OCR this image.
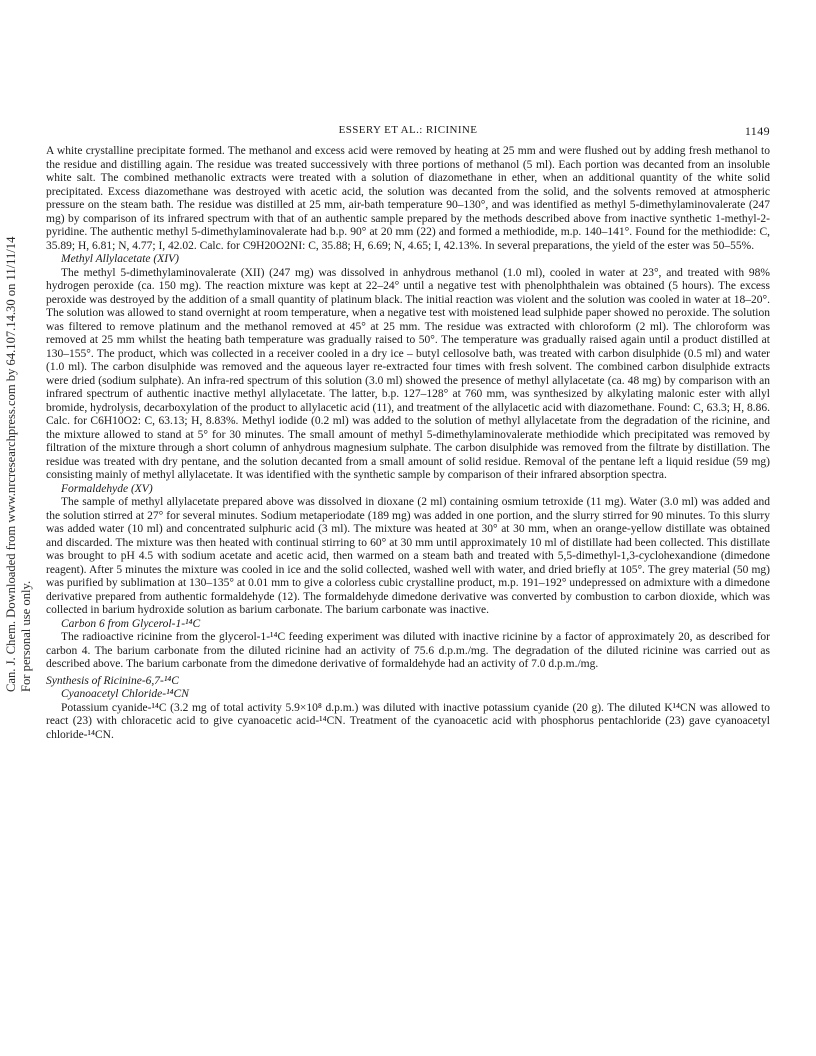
Can. J. Chem. Downloaded from www.nrcresearchpress.com by 64.107.14.30 on 11/11/14 For personal use only.
ESSERY ET AL.: RICININE	1149

A white crystalline precipitate formed. The methanol and excess acid were removed by heating at 25 mm and were flushed out by adding fresh methanol to the residue and distilling again. The residue was treated successively with three portions of methanol (5 ml). Each portion was decanted from an insoluble white salt. The combined methanolic extracts were treated with a solution of diazomethane in ether, when an additional quantity of the white solid precipitated. Excess diazomethane was destroyed with acetic acid, the solution was decanted from the solid, and the solvents removed at atmospheric pressure on the steam bath. The residue was distilled at 25 mm, air-bath temperature 90–130°, and was identified as methyl 5-dimethylaminovalerate (247 mg) by comparison of its infrared spectrum with that of an authentic sample prepared by the methods described above from inactive synthetic 1-methyl-2-pyridine. The authentic methyl 5-dimethylaminovalerate had b.p. 90° at 20 mm (22) and formed a methiodide, m.p. 140–141°. Found for the methiodide: C, 35.89; H, 6.81; N, 4.77; I, 42.02. Calc. for C9H20O2NI: C, 35.88; H, 6.69; N, 4.65; I, 42.13%. In several preparations, the yield of the ester was 50–55%.

Methyl Allylacetate (XIV)

The methyl 5-dimethylaminovalerate (XII) (247 mg) was dissolved in anhydrous methanol (1.0 ml), cooled in water at 23°, and treated with 98% hydrogen peroxide (ca. 150 mg). The reaction mixture was kept at 22–24° until a negative test with phenolphthalein was obtained (5 hours). The excess peroxide was destroyed by the addition of a small quantity of platinum black. The initial reaction was violent and the solution was cooled in water at 18–20°. The solution was allowed to stand overnight at room temperature, when a negative test with moistened lead sulphide paper showed no peroxide. The solution was filtered to remove platinum and the methanol removed at 45° at 25 mm. The residue was extracted with chloroform (2 ml). The chloroform was removed at 25 mm whilst the heating bath temperature was gradually raised to 50°. The temperature was gradually raised again until a product distilled at 130–155°. The product, which was collected in a receiver cooled in a dry ice – butyl cellosolve bath, was treated with carbon disulphide (0.5 ml) and water (1.0 ml). The carbon disulphide was removed and the aqueous layer re-extracted four times with fresh solvent. The combined carbon disulphide extracts were dried (sodium sulphate). An infra-red spectrum of this solution (3.0 ml) showed the presence of methyl allylacetate (ca. 48 mg) by comparison with an infrared spectrum of authentic inactive methyl allylacetate. The latter, b.p. 127–128° at 760 mm, was synthesized by alkylating malonic ester with allyl bromide, hydrolysis, decarboxylation of the product to allylacetic acid (11), and treatment of the allylacetic acid with diazomethane. Found: C, 63.3; H, 8.86. Calc. for C6H10O2: C, 63.13; H, 8.83%. Methyl iodide (0.2 ml) was added to the solution of methyl allylacetate from the degradation of the ricinine, and the mixture allowed to stand at 5° for 30 minutes. The small amount of methyl 5-dimethylaminovalerate methiodide which precipitated was removed by filtration of the mixture through a short column of anhydrous magnesium sulphate. The carbon disulphide was removed from the filtrate by distillation. The residue was treated with dry pentane, and the solution decanted from a small amount of solid residue. Removal of the pentane left a liquid residue (59 mg) consisting mainly of methyl allylacetate. It was identified with the synthetic sample by comparison of their infrared absorption spectra.

Formaldehyde (XV)

The sample of methyl allylacetate prepared above was dissolved in dioxane (2 ml) containing osmium tetroxide (11 mg). Water (3.0 ml) was added and the solution stirred at 27° for several minutes. Sodium metaperiodate (189 mg) was added in one portion, and the slurry stirred for 90 minutes. To this slurry was added water (10 ml) and concentrated sulphuric acid (3 ml). The mixture was heated at 30° at 30 mm, when an orange-yellow distillate was obtained and discarded. The mixture was then heated with continual stirring to 60° at 30 mm until approximately 10 ml of distillate had been collected. This distillate was brought to pH 4.5 with sodium acetate and acetic acid, then warmed on a steam bath and treated with 5,5-dimethyl-1,3-cyclohexandione (dimedone reagent). After 5 minutes the mixture was cooled in ice and the solid collected, washed well with water, and dried briefly at 105°. The grey material (50 mg) was purified by sublimation at 130–135° at 0.01 mm to give a colorless cubic crystalline product, m.p. 191–192° undepressed on admixture with a dimedone derivative prepared from authentic formaldehyde (12). The formaldehyde dimedone derivative was converted by combustion to carbon dioxide, which was collected in barium hydroxide solution as barium carbonate. The barium carbonate was inactive.

Carbon 6 from Glycerol-1-¹⁴C

The radioactive ricinine from the glycerol-1-¹⁴C feeding experiment was diluted with inactive ricinine by a factor of approximately 20, as described for carbon 4. The barium carbonate from the diluted ricinine had an activity of 75.6 d.p.m./mg. The degradation of the diluted ricinine was carried out as described above. The barium carbonate from the dimedone derivative of formaldehyde had an activity of 7.0 d.p.m./mg.

Synthesis of Ricinine-6,7-¹⁴C
Cyanoacetyl Chloride-¹⁴CN

Potassium cyanide-¹⁴C (3.2 mg of total activity 5.9×10⁸ d.p.m.) was diluted with inactive potassium cyanide (20 g). The diluted K¹⁴CN was allowed to react (23) with chloracetic acid to give cyanoacetic acid-¹⁴CN. Treatment of the cyanoacetic acid with phosphorus pentachloride (23) gave cyanoacetyl chloride-¹⁴CN.
